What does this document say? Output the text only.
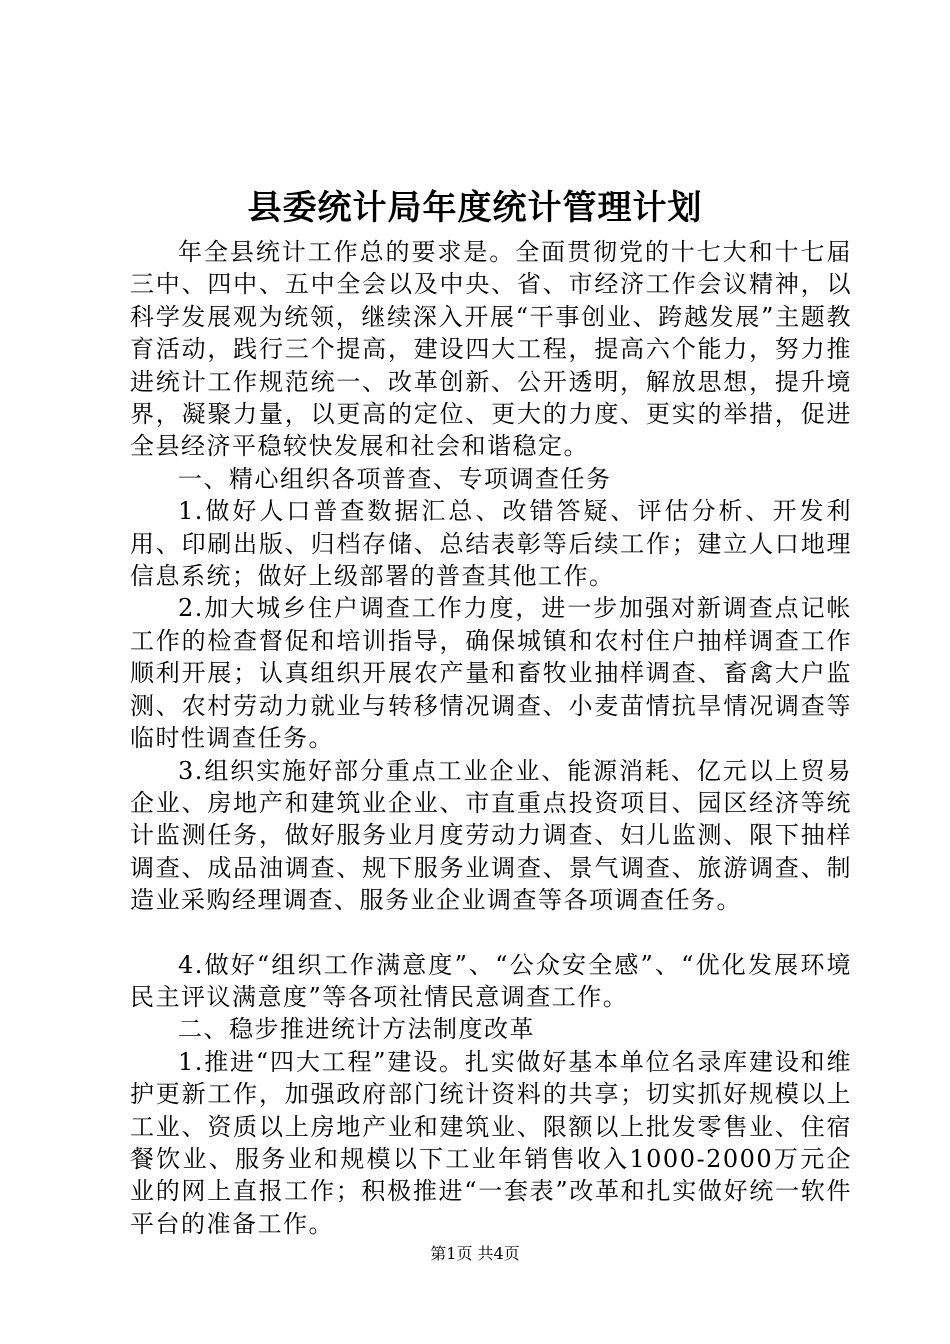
县委统计局年度统计管理计划

年全县统计工作总的要求是。全面贯彻党的十七大和十七届三中、四中、五中全会以及中央、省、市经济工作会议精神，以科学发展观为统领，继续深入开展“干事创业、跨越发展”主题教育活动，践行三个提高，建设四大工程，提高六个能力，努力推进统计工作规范统一、改革创新、公开透明，解放思想，提升境界，凝聚力量，以更高的定位、更大的力度、更实的举措，促进全县经济平稳较快发展和社会和谐稳定。

一、精心组织各项普查、专项调查任务

1.做好人口普查数据汇总、改错答疑、评估分析、开发利用、印刷出版、归档存储、总结表彰等后续工作；建立人口地理信息系统；做好上级部署的普查其他工作。

2.加大城乡住户调查工作力度，进一步加强对新调查点记帐工作的检查督促和培训指导，确保城镇和农村住户抽样调查工作顺利开展；认真组织开展农产量和畜牧业抽样调查、畜禽大户监测、农村劳动力就业与转移情况调查、小麦苗情抗旱情况调查等临时性调查任务。

3.组织实施好部分重点工业企业、能源消耗、亿元以上贸易企业、房地产和建筑业企业、市直重点投资项目、园区经济等统计监测任务，做好服务业月度劳动力调查、妇儿监测、限下抽样调查、成品油调查、规下服务业调查、景气调查、旅游调查、制造业采购经理调查、服务业企业调查等各项调查任务。

4.做好“组织工作满意度”、“公众安全感”、“优化发展环境民主评议满意度”等各项社情民意调查工作。

二、稳步推进统计方法制度改革

1.推进“四大工程”建设。扎实做好基本单位名录库建设和维护更新工作，加强政府部门统计资料的共享；切实抓好规模以上工业、资质以上房地产业和建筑业、限额以上批发零售业、住宿餐饮业、服务业和规模以下工业年销售收入1000-2000万元企业的网上直报工作；积极推进“一套表”改革和扎实做好统一软件平台的准备工作。

第1页 共4页
